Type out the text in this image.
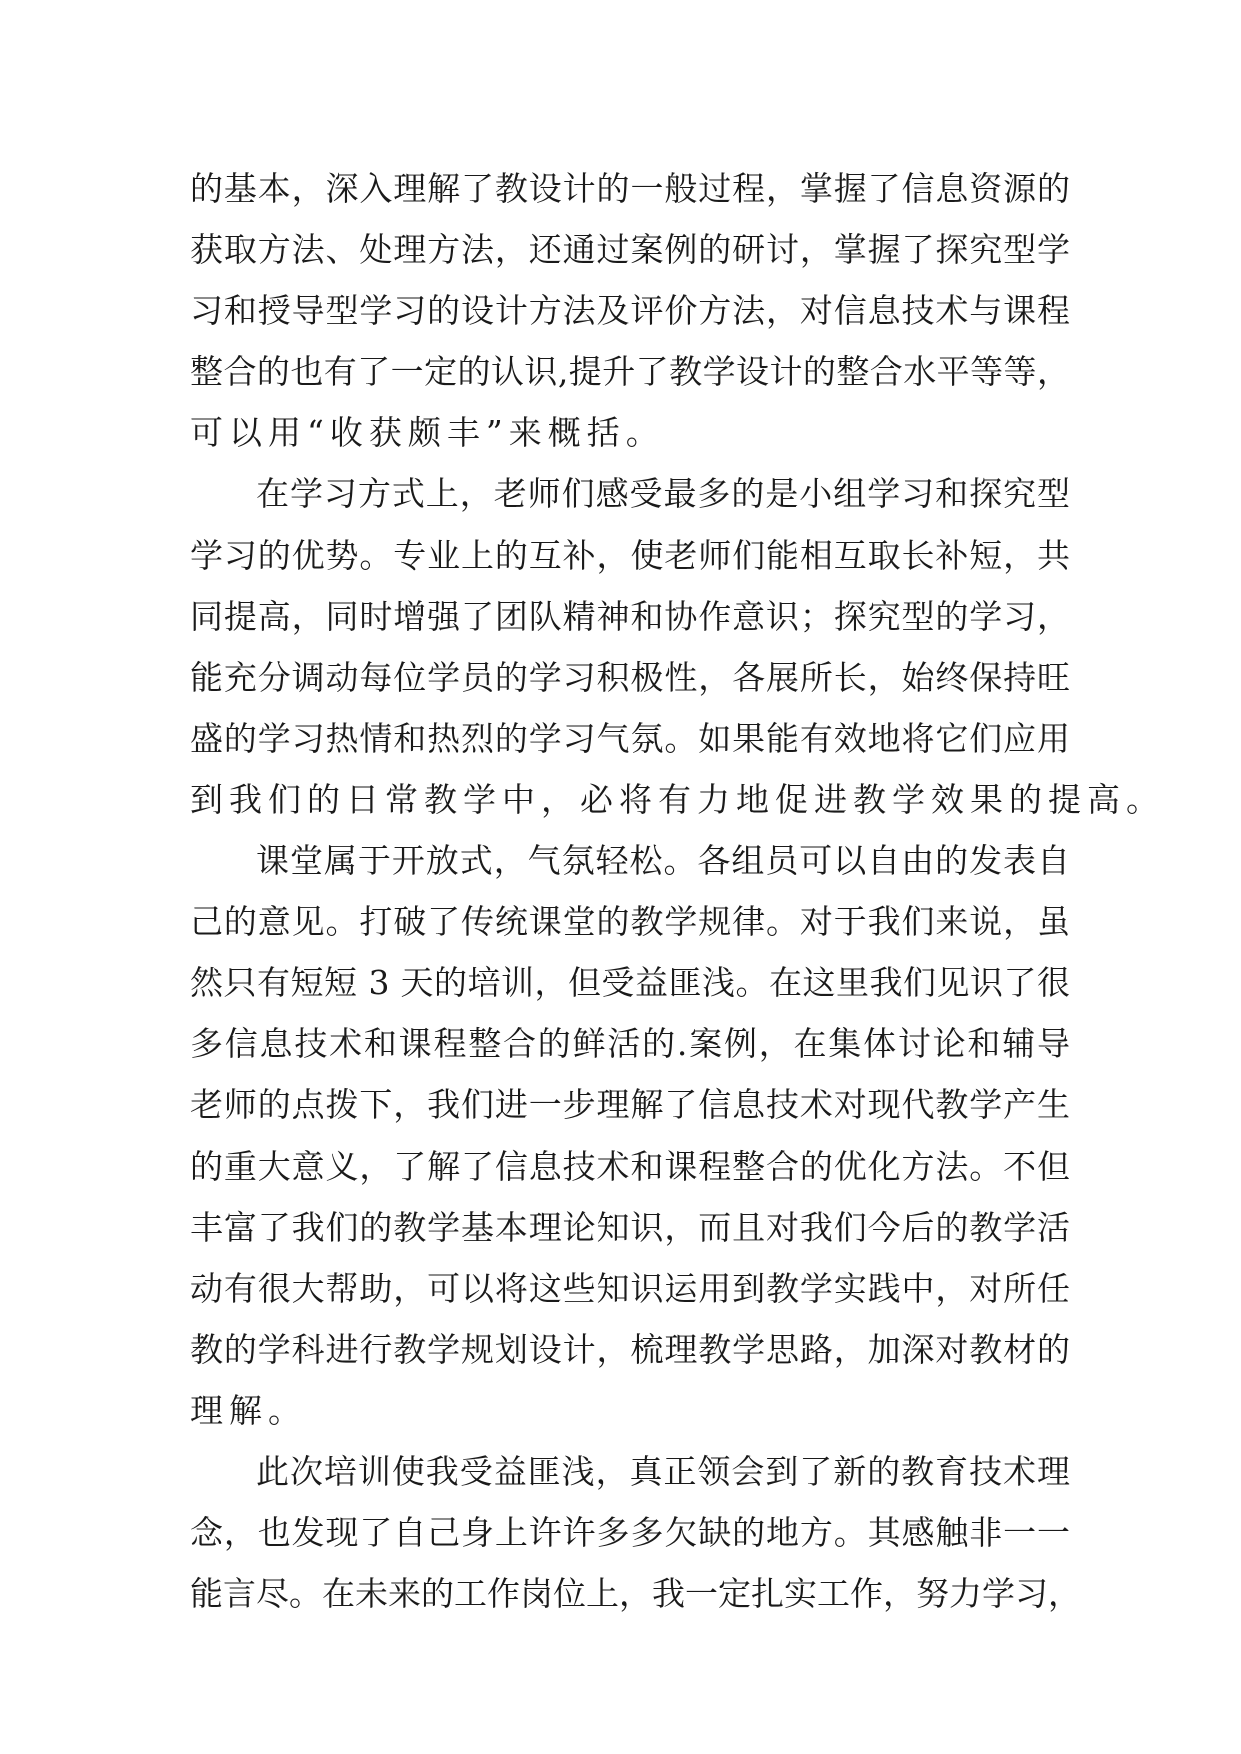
的基本，深入理解了教设计的一般过程，掌握了信息资源的
获取方法、处理方法，还通过案例的研讨，掌握了探究型学
习和授导型学习的设计方法及评价方法，对信息技术与课程
整合的也有了一定的认识,提升了教学设计的整合水平等等，
可以用“收获颇丰”来概括。
在学习方式上，老师们感受最多的是小组学习和探究型
学习的优势。专业上的互补，使老师们能相互取长补短，共
同提高，同时增强了团队精神和协作意识；探究型的学习，
能充分调动每位学员的学习积极性，各展所长，始终保持旺
盛的学习热情和热烈的学习气氛。如果能有效地将它们应用
到我们的日常教学中，必将有力地促进教学效果的提高。
课堂属于开放式，气氛轻松。各组员可以自由的发表自
己的意见。打破了传统课堂的教学规律。对于我们来说，虽
然只有短短 3 天的培训，但受益匪浅。在这里我们见识了很
多信息技术和课程整合的鲜活的.案例，在集体讨论和辅导
老师的点拨下，我们进一步理解了信息技术对现代教学产生
的重大意义，了解了信息技术和课程整合的优化方法。不但
丰富了我们的教学基本理论知识，而且对我们今后的教学活
动有很大帮助，可以将这些知识运用到教学实践中，对所任
教的学科进行教学规划设计，梳理教学思路，加深对教材的
理解。
此次培训使我受益匪浅，真正领会到了新的教育技术理
念，也发现了自己身上许许多多欠缺的地方。其感触非一一
能言尽。在未来的工作岗位上，我一定扎实工作，努力学习，
